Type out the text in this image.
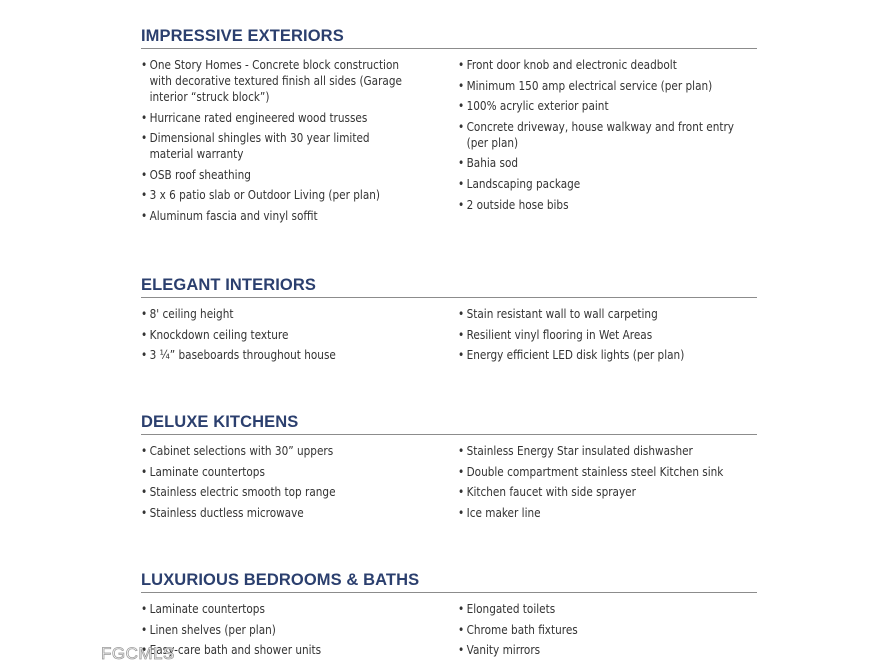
IMPRESSIVE EXTERIORS
• One Story Homes - Concrete block construction with decorative textured finish all sides (Garage interior “struck block”)
• Hurricane rated engineered wood trusses
• Dimensional shingles with 30 year limited material warranty
• OSB roof sheathing
• 3 x 6 patio slab or Outdoor Living (per plan)
• Aluminum fascia and vinyl soffit
• Front door knob and electronic deadbolt
• Minimum 150 amp electrical service (per plan)
• 100% acrylic exterior paint
• Concrete driveway, house walkway and front entry (per plan)
• Bahia sod
• Landscaping package
• 2 outside hose bibs
ELEGANT INTERIORS
• 8' ceiling height
• Knockdown ceiling texture
• 3 ¼” baseboards throughout house
• Stain resistant wall to wall carpeting
• Resilient vinyl flooring in Wet Areas
• Energy efficient LED disk lights (per plan)
DELUXE KITCHENS
• Cabinet selections with 30” uppers
• Laminate countertops
• Stainless electric smooth top range
• Stainless ductless microwave
• Stainless Energy Star insulated dishwasher
• Double compartment stainless steel Kitchen sink
• Kitchen faucet with side sprayer
• Ice maker line
LUXURIOUS BEDROOMS & BATHS
• Laminate countertops
• Linen shelves (per plan)
• Easy-care bath and shower units
• Elongated toilets
• Chrome bath fixtures
• Vanity mirrors
FGCMLS
